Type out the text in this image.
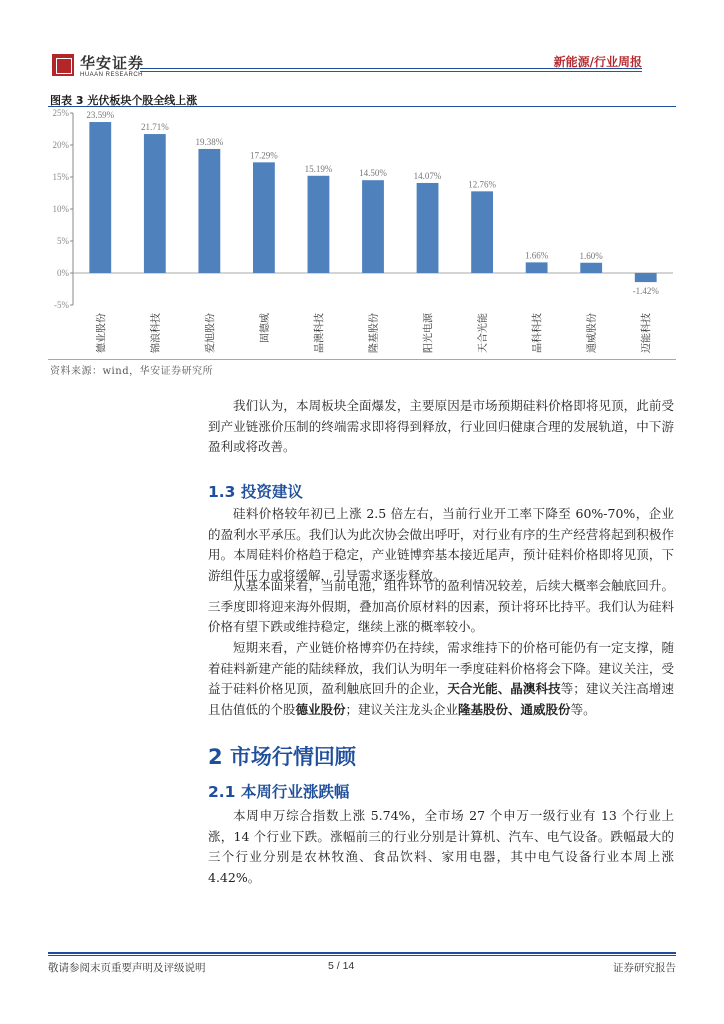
华安证券
HUAAN RESEARCH
新能源/行业周报
图表 3 光伏板块个股全线上涨
25%
20%
15%
10%
5%
0%
-5%
23.59%
德业股份
21.71%
锦浪科技
19.38%
爱旭股份
17.29%
固德威
15.19%
晶澳科技
14.50%
隆基股份
14.07%
阳光电源
12.76%
天合光能
1.66%
晶科科技
1.60%
通威股份
-1.42%
迈能科技
资料来源：wind，华安证券研究所

我们认为，本周板块全面爆发，主要原因是市场预期硅料价格即将见顶，此前受到产业链涨价压制的终端需求即将得到释放，行业回归健康合理的发展轨道，中下游盈利或将改善。

1.3 投资建议

硅料价格较年初已上涨 2.5 倍左右，当前行业开工率下降至 60%-70%，企业的盈利水平承压。我们认为此次协会做出呼吁，对行业有序的生产经营将起到积极作用。本周硅料价格趋于稳定，产业链博弈基本接近尾声，预计硅料价格即将见顶，下游组件压力或将缓解，引导需求逐步释放。

从基本面来看，当前电池，组件环节的盈利情况较差，后续大概率会触底回升。三季度即将迎来海外假期，叠加高价原材料的因素，预计将环比持平。我们认为硅料价格有望下跌或维持稳定，继续上涨的概率较小。

短期来看，产业链价格博弈仍在持续，需求维持下的价格可能仍有一定支撑，随着硅料新建产能的陆续释放，我们认为明年一季度硅料价格将会下降。建议关注，受益于硅料价格见顶，盈利触底回升的企业，天合光能、晶澳科技等；建议关注高增速且估值低的个股德业股份；建议关注龙头企业隆基股份、通威股份等。

2 市场行情回顾
2.1 本周行业涨跌幅

本周申万综合指数上涨 5.74%，全市场 27 个申万一级行业有 13 个行业上涨，14 个行业下跌。涨幅前三的行业分别是计算机、汽车、电气设备。跌幅最大的三个行业分别是农林牧渔、食品饮料、家用电器，其中电气设备行业本周上涨 4.42%。

敬请参阅末页重要声明及评级说明	5 / 14	证券研究报告
